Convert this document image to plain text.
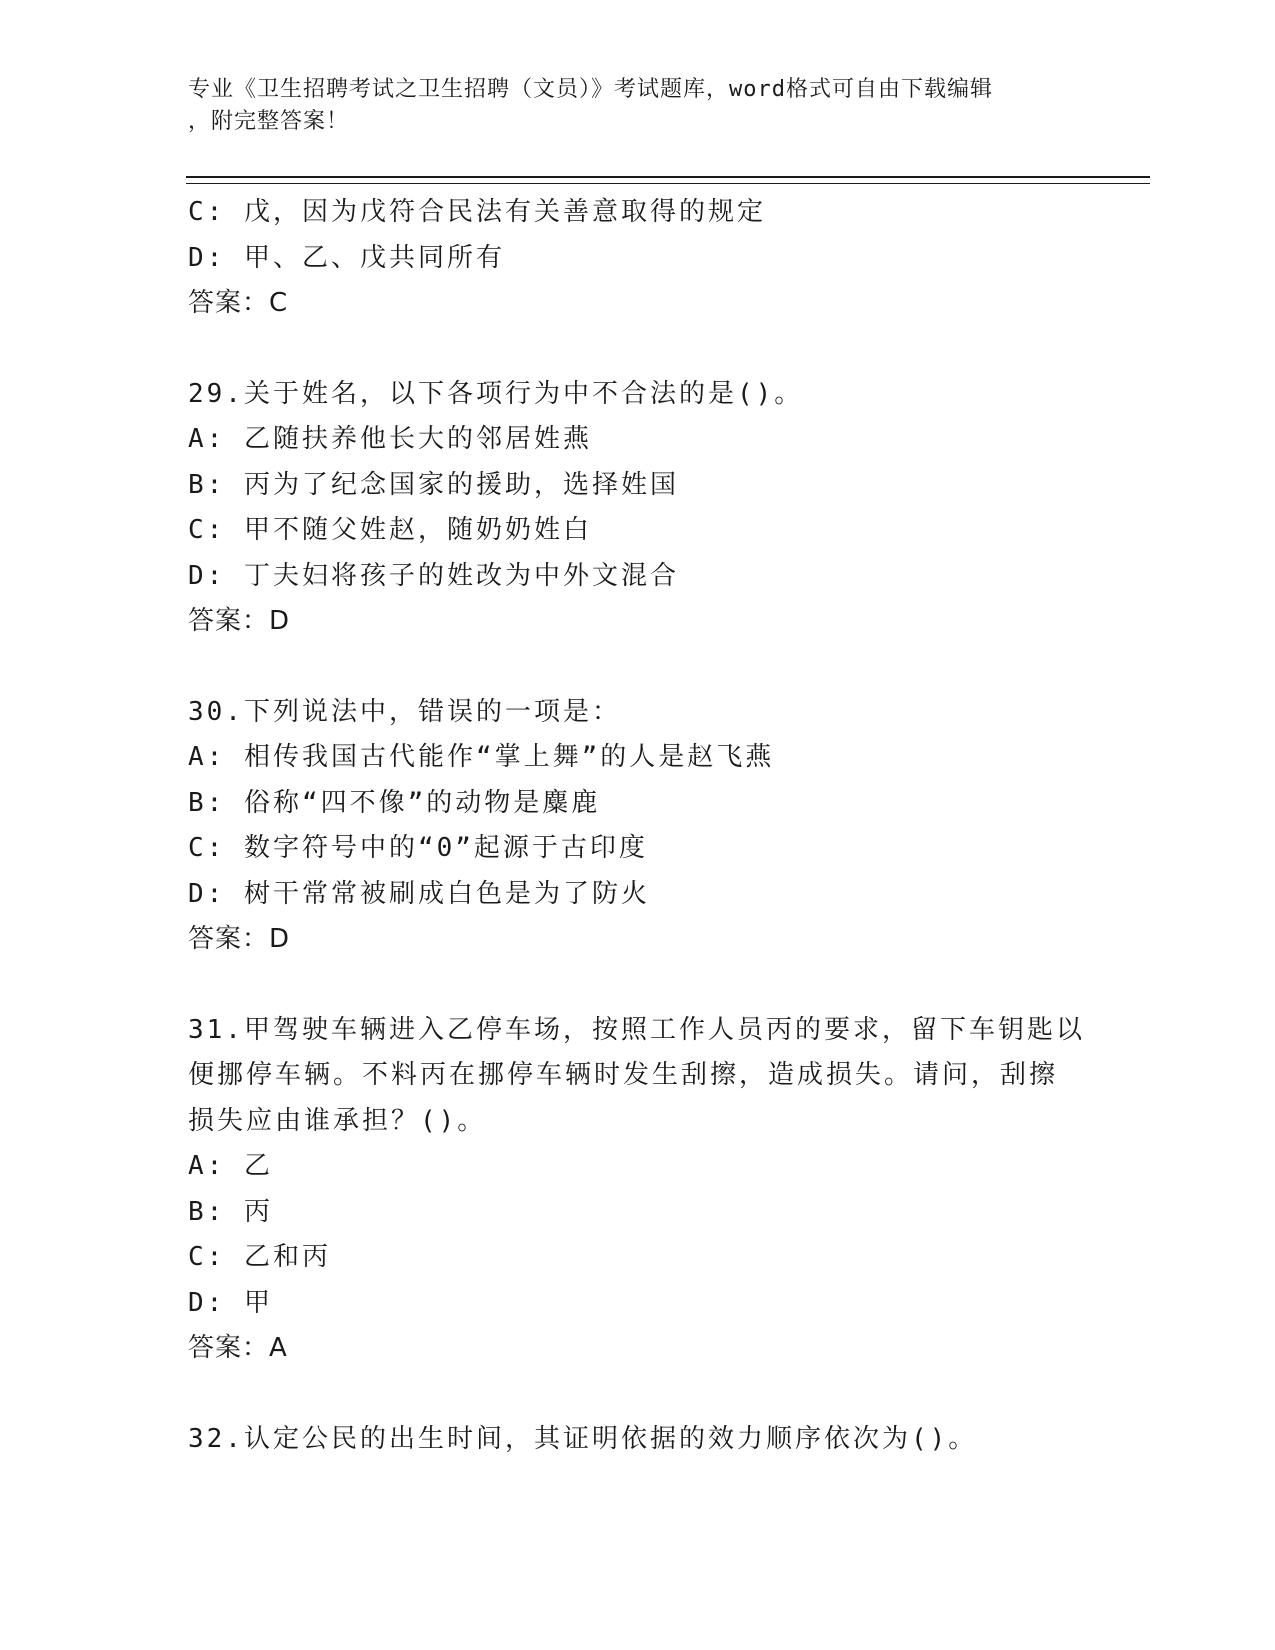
专业《卫生招聘考试之卫生招聘（文员）》考试题库，word格式可自由下载编辑
，附完整答案！
C: 戊，因为戊符合民法有关善意取得的规定
D: 甲、乙、戊共同所有
答案：C
29.关于姓名，以下各项行为中不合法的是()。
A: 乙随扶养他长大的邻居姓燕
B: 丙为了纪念国家的援助，选择姓国
C: 甲不随父姓赵，随奶奶姓白
D: 丁夫妇将孩子的姓改为中外文混合
答案：D
30.下列说法中，错误的一项是：
A: 相传我国古代能作“掌上舞”的人是赵飞燕
B: 俗称“四不像”的动物是麋鹿
C: 数字符号中的“0”起源于古印度
D: 树干常常被刷成白色是为了防火
答案：D
31.甲驾驶车辆进入乙停车场，按照工作人员丙的要求，留下车钥匙以
便挪停车辆。不料丙在挪停车辆时发生刮擦，造成损失。请问，刮擦
损失应由谁承担？()。
A: 乙
B: 丙
C: 乙和丙
D: 甲
答案：A
32.认定公民的出生时间，其证明依据的效力顺序依次为()。
